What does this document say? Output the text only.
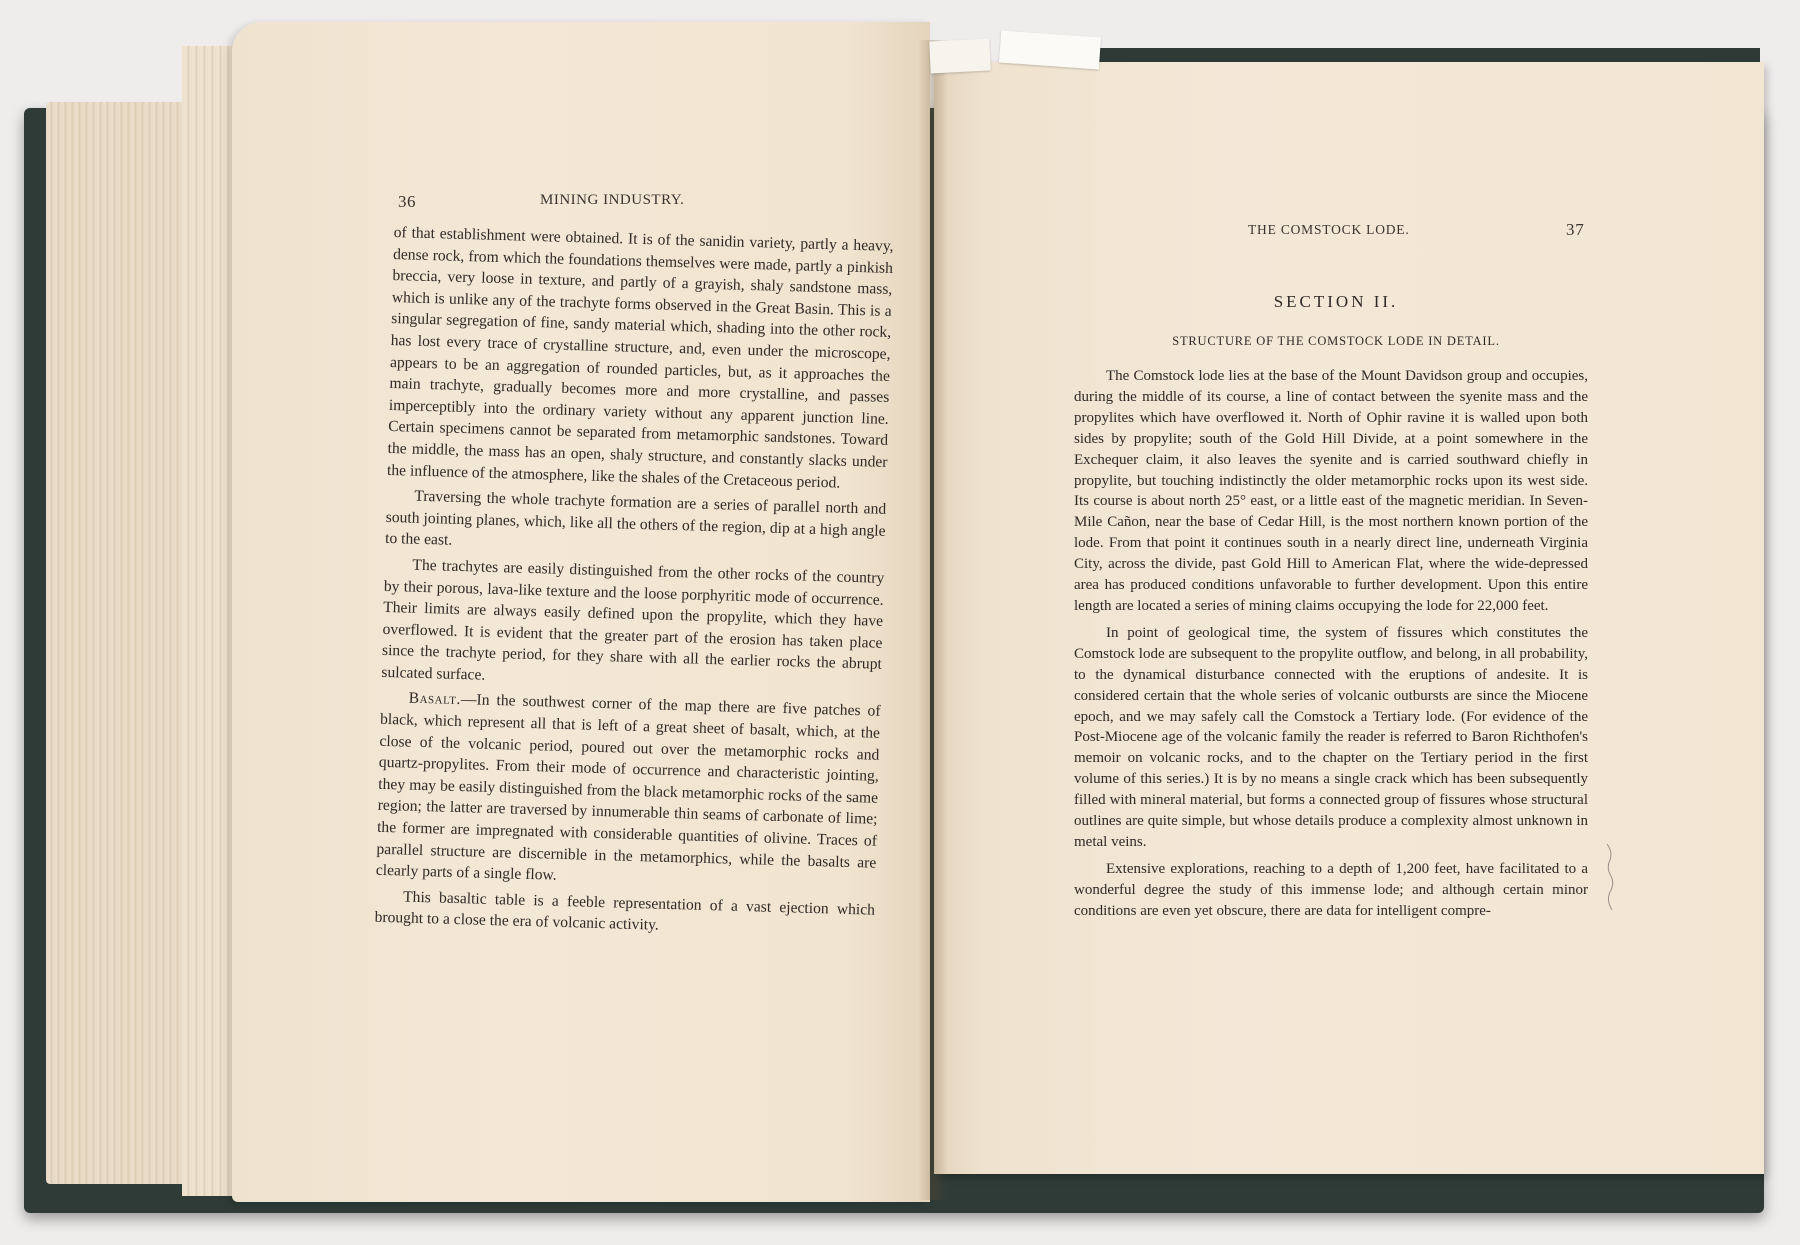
36	MINING INDUSTRY.

of that establishment were obtained. It is of the sanidin variety, partly a heavy, dense rock, from which the foundations themselves were made, partly a pinkish breccia, very loose in texture, and partly of a grayish, shaly sandstone mass, which is unlike any of the trachyte forms observed in the Great Basin. This is a singular segregation of fine, sandy material which, shading into the other rock, has lost every trace of crystalline structure, and, even under the microscope, appears to be an aggregation of rounded particles, but, as it approaches the main trachyte, gradually becomes more and more crystalline, and passes imperceptibly into the ordinary variety without any apparent junction line. Certain specimens cannot be separated from metamorphic sandstones. Toward the middle, the mass has an open, shaly structure, and constantly slacks under the influence of the atmosphere, like the shales of the Cretaceous period.

Traversing the whole trachyte formation are a series of parallel north and south jointing planes, which, like all the others of the region, dip at a high angle to the east.

The trachytes are easily distinguished from the other rocks of the country by their porous, lava-like texture and the loose porphyritic mode of occurrence. Their limits are always easily defined upon the propylite, which they have overflowed. It is evident that the greater part of the erosion has taken place since the trachyte period, for they share with all the earlier rocks the abrupt sulcated surface.

Basalt.—In the southwest corner of the map there are five patches of black, which represent all that is left of a great sheet of basalt, which, at the close of the volcanic period, poured out over the metamorphic rocks and quartz-propylites. From their mode of occurrence and characteristic jointing, they may be easily distinguished from the black metamorphic rocks of the same region; the latter are traversed by innumerable thin seams of carbonate of lime; the former are impregnated with considerable quantities of olivine. Traces of parallel structure are discernible in the metamorphics, while the basalts are clearly parts of a single flow.

This basaltic table is a feeble representation of a vast ejection which brought to a close the era of volcanic activity.

THE COMSTOCK LODE.	37
SECTION II.
STRUCTURE OF THE COMSTOCK LODE IN DETAIL.

The Comstock lode lies at the base of the Mount Davidson group and occupies, during the middle of its course, a line of contact between the syenite mass and the propylites which have overflowed it. North of Ophir ravine it is walled upon both sides by propylite; south of the Gold Hill Divide, at a point somewhere in the Exchequer claim, it also leaves the syenite and is carried southward chiefly in propylite, but touching indistinctly the older metamorphic rocks upon its west side. Its course is about north 25° east, or a little east of the magnetic meridian. In Seven-Mile Cañon, near the base of Cedar Hill, is the most northern known portion of the lode. From that point it continues south in a nearly direct line, underneath Virginia City, across the divide, past Gold Hill to American Flat, where the wide-depressed area has produced conditions unfavorable to further development. Upon this entire length are located a series of mining claims occupying the lode for 22,000 feet.

In point of geological time, the system of fissures which constitutes the Comstock lode are subsequent to the propylite outflow, and belong, in all probability, to the dynamical disturbance connected with the eruptions of andesite. It is considered certain that the whole series of volcanic outbursts are since the Miocene epoch, and we may safely call the Comstock a Tertiary lode. (For evidence of the Post-Miocene age of the volcanic family the reader is referred to Baron Richthofen's memoir on volcanic rocks, and to the chapter on the Tertiary period in the first volume of this series.) It is by no means a single crack which has been subsequently filled with mineral material, but forms a connected group of fissures whose structural outlines are quite simple, but whose details produce a complexity almost unknown in metal veins.

Extensive explorations, reaching to a depth of 1,200 feet, have facilitated to a wonderful degree the study of this immense lode; and although certain minor conditions are even yet obscure, there are data for intelligent compre-
